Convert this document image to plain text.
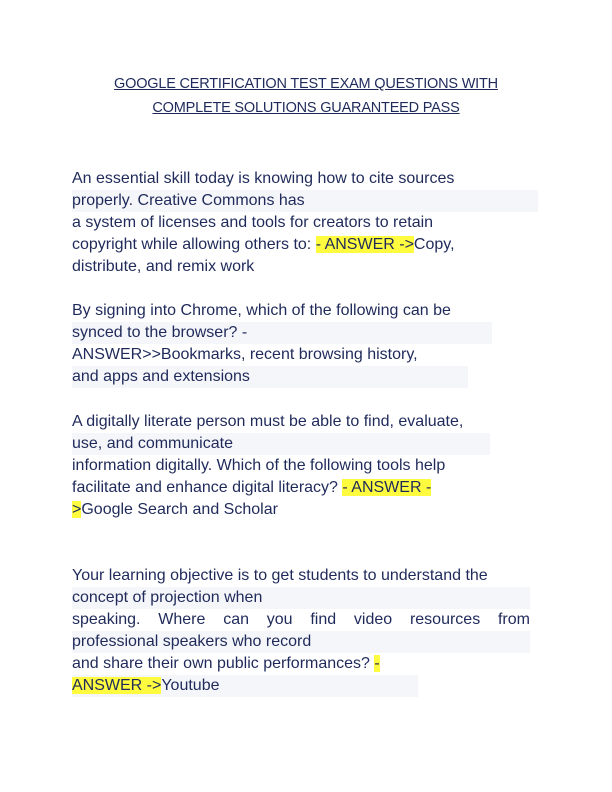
GOOGLE CERTIFICATION TEST EXAM QUESTIONS WITH
COMPLETE SOLUTIONS GUARANTEED PASS
An essential skill today is knowing how to cite sources
properly. Creative Commons has
a system of licenses and tools for creators to retain
copyright while allowing others to: - ANSWER ->Copy,
distribute, and remix work
By signing into Chrome, which of the following can be
synced to the browser? -
ANSWER>>Bookmarks, recent browsing history,
and apps and extensions
A digitally literate person must be able to find, evaluate,
use, and communicate
information digitally. Which of the following tools help
facilitate and enhance digital literacy? - ANSWER -
>Google Search and Scholar
Your learning objective is to get students to understand the
concept of projection when
speaking. Where can you find video resources from
professional speakers who record
and share their own public performances? -
ANSWER ->Youtube
